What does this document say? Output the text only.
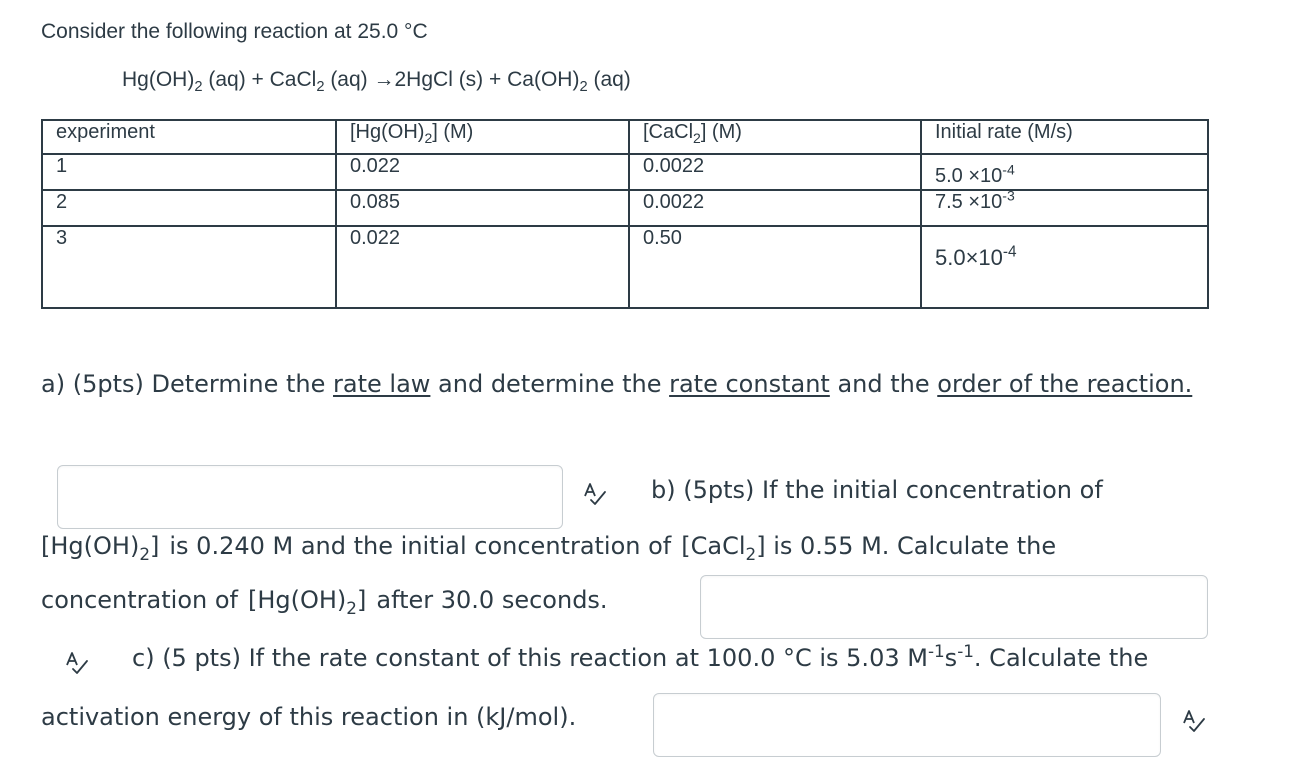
Consider the following reaction at 25.0 °C
$Hg(OH)_2$ (aq) + CaCl$_2$ (aq) →2HgCl $(s) + Ca(OH)_2$ (aq)
experiment	$[Hg(OH)_2]$ (M)	[CaCl$_2$] (M)	Initial rate (M/s)
1	0.022	0.0022	$5.0 \times 10^{-4}$
2	0.085	0.0022	$7.5 \times 10^{-3}$
3	0.022	0.50	$5.0\times 10^{-4}$
a) (5pts) Determine the rate law and determine the rate constant and the order of the reaction.
b) (5pts) If the initial concentration of
$[Hg(OH)_2]$ is 0.240 M and the initial concentration of [CaCl$_2$] is 0.55 M. Calculate the
concentration of $[Hg(OH)_2]$ after 30.0 seconds.
c) (5 pts) If the rate constant of this reaction at 100.0 °C is 5.03 $M^{-1}s^{-1}$. Calculate the
activation energy of this reaction in (kJ/mol).
